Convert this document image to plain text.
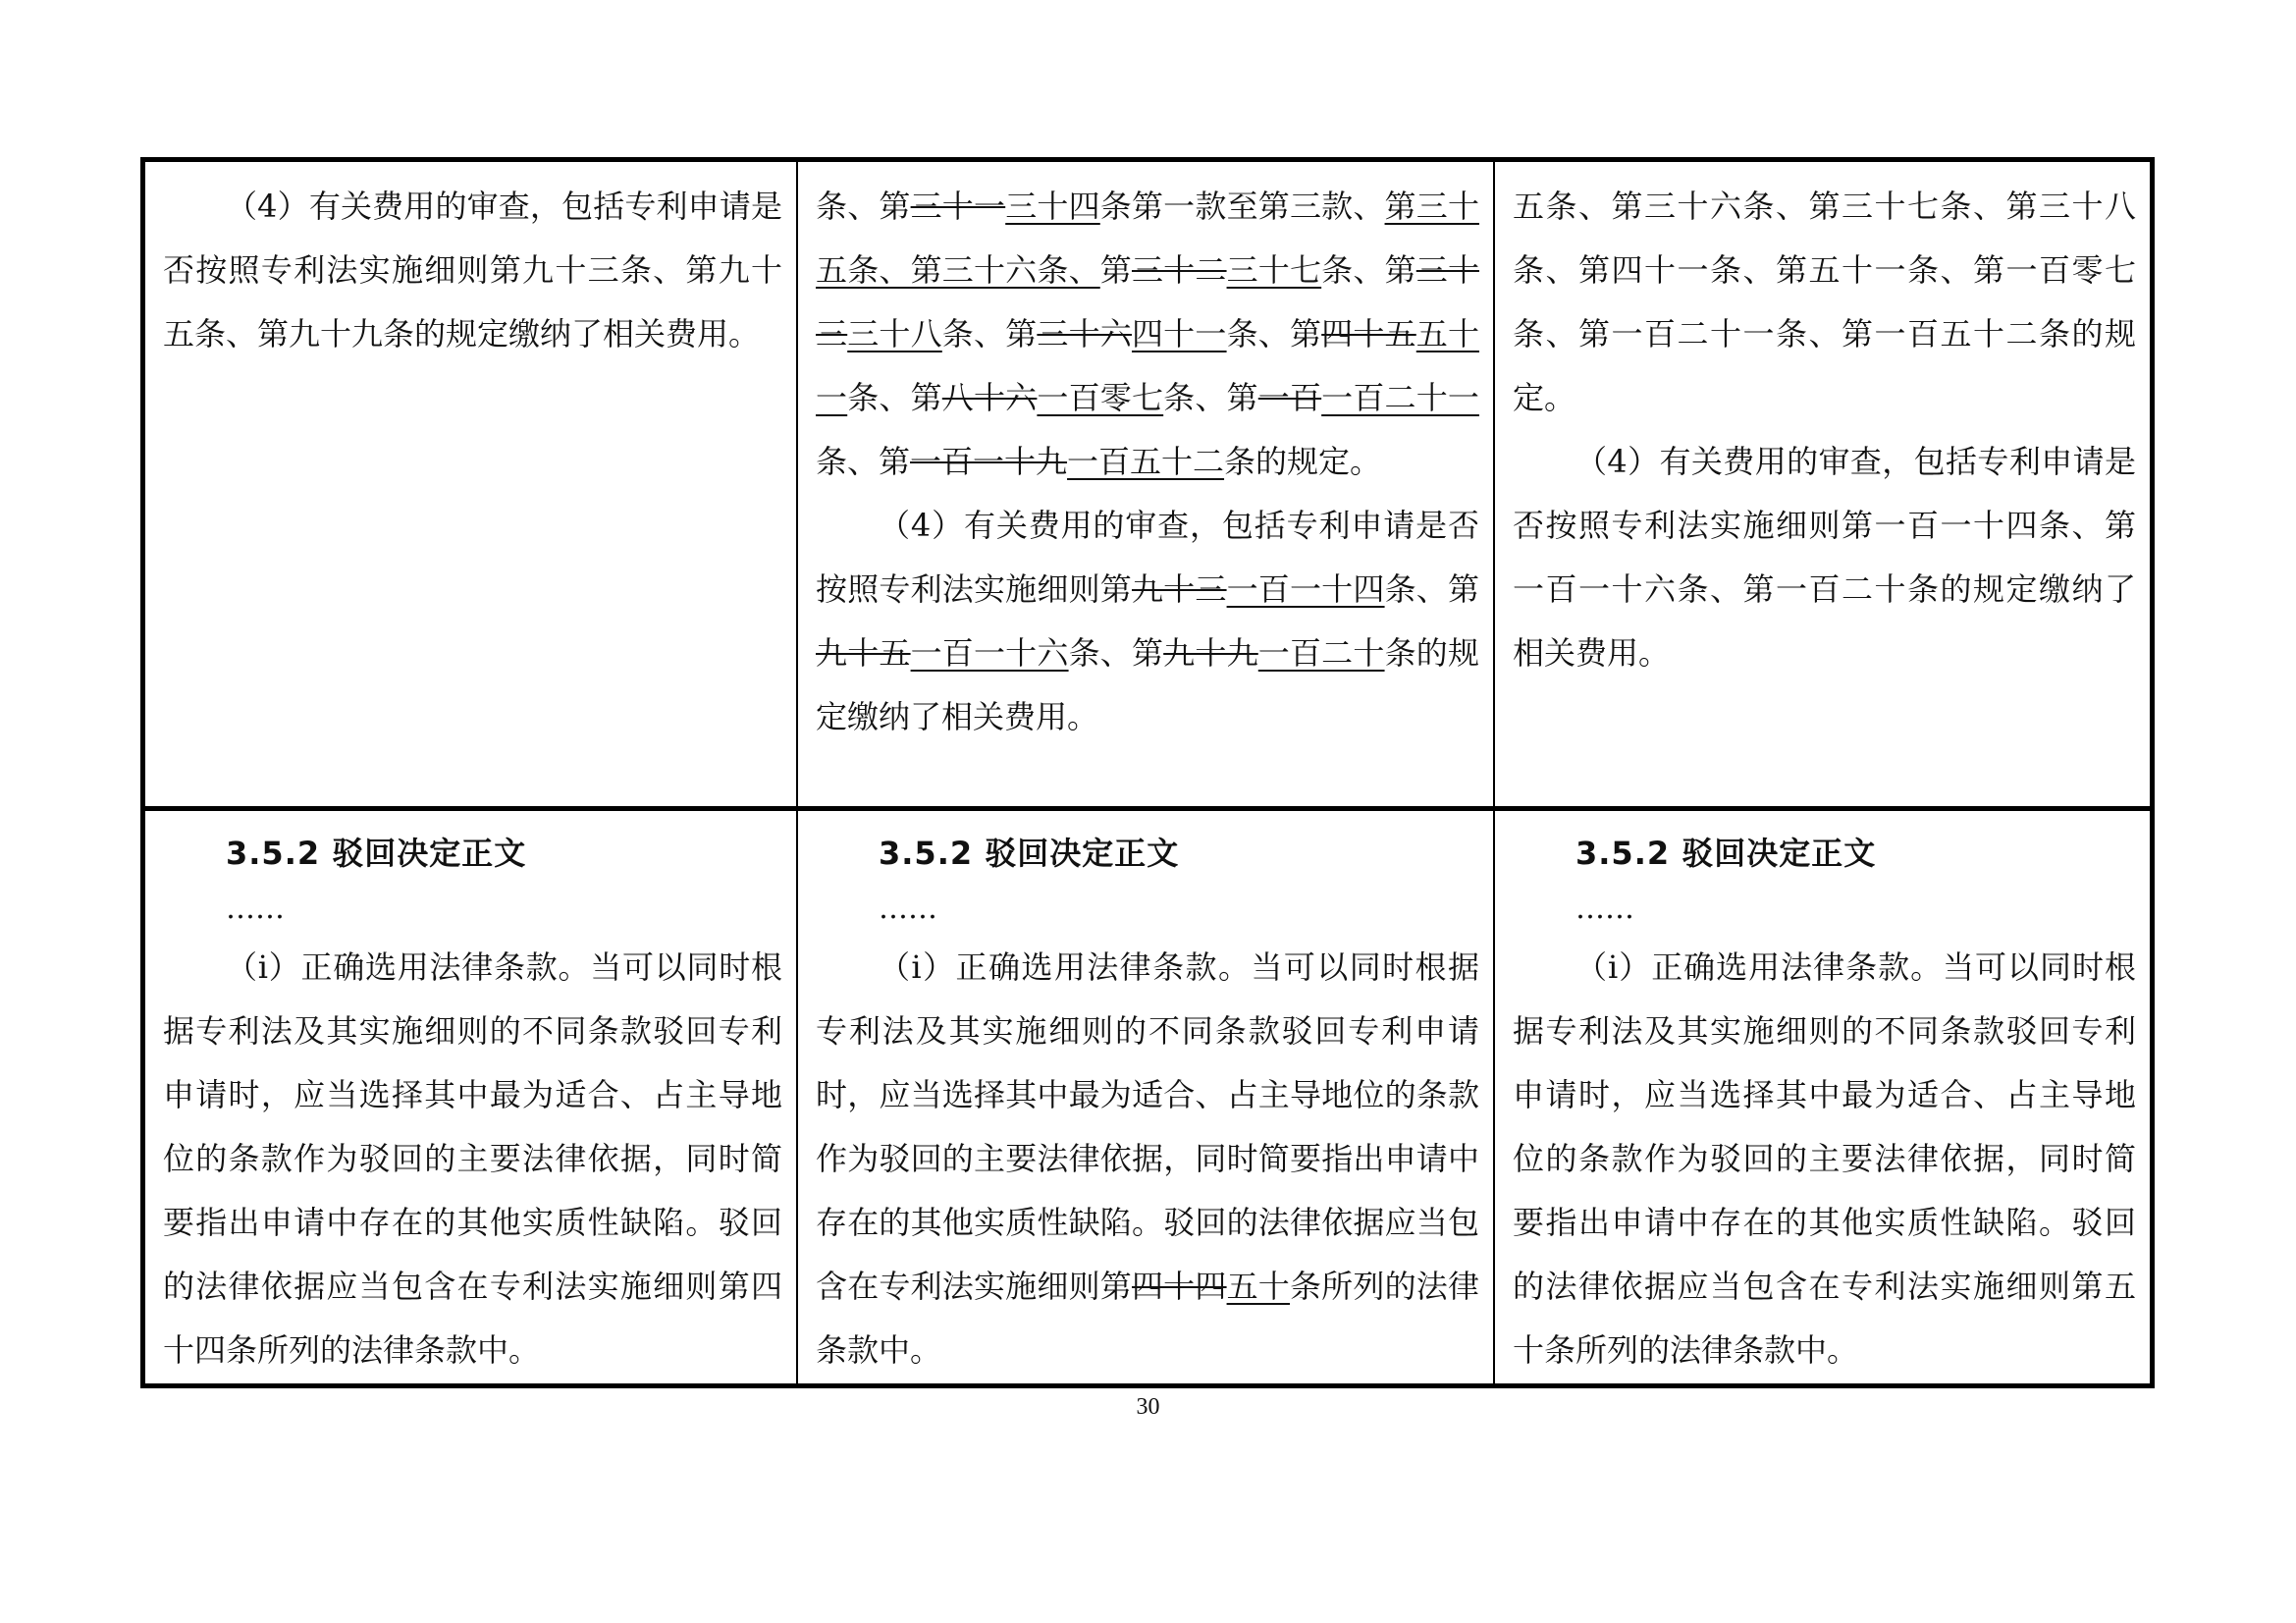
（4）有关费用的审查，包括专利申请是否按照专利法实施细则第九十三条、第九十五条、第九十九条的规定缴纳了相关费用。

条、第三十一三十四条第一款至第三款、第三十五条、第三十六条、第三十二三十七条、第三十三三十八条、第三十六四十一条、第四十五五十一条、第八十六一百零七条、第一百一百二十一条、第一百一十九一百五十二条的规定。

（4）有关费用的审查，包括专利申请是否按照专利法实施细则第九十三一百一十四条、第九十五一百一十六条、第九十九一百二十条的规定缴纳了相关费用。

五条、第三十六条、第三十七条、第三十八条、第四十一条、第五十一条、第一百零七条、第一百二十一条、第一百五十二条的规定。

（4）有关费用的审查，包括专利申请是否按照专利法实施细则第一百一十四条、第一百一十六条、第一百二十条的规定缴纳了相关费用。

3.5.2 驳回决定正文

……

（i）正确选用法律条款。当可以同时根据专利法及其实施细则的不同条款驳回专利申请时，应当选择其中最为适合、占主导地位的条款作为驳回的主要法律依据，同时简要指出申请中存在的其他实质性缺陷。驳回的法律依据应当包含在专利法实施细则第四十四条所列的法律条款中。

3.5.2 驳回决定正文

……

（i）正确选用法律条款。当可以同时根据专利法及其实施细则的不同条款驳回专利申请时，应当选择其中最为适合、占主导地位的条款作为驳回的主要法律依据，同时简要指出申请中存在的其他实质性缺陷。驳回的法律依据应当包含在专利法实施细则第四十四五十条所列的法律条款中。

3.5.2 驳回决定正文

……

（i）正确选用法律条款。当可以同时根据专利法及其实施细则的不同条款驳回专利申请时，应当选择其中最为适合、占主导地位的条款作为驳回的主要法律依据，同时简要指出申请中存在的其他实质性缺陷。驳回的法律依据应当包含在专利法实施细则第五十条所列的法律条款中。

30
